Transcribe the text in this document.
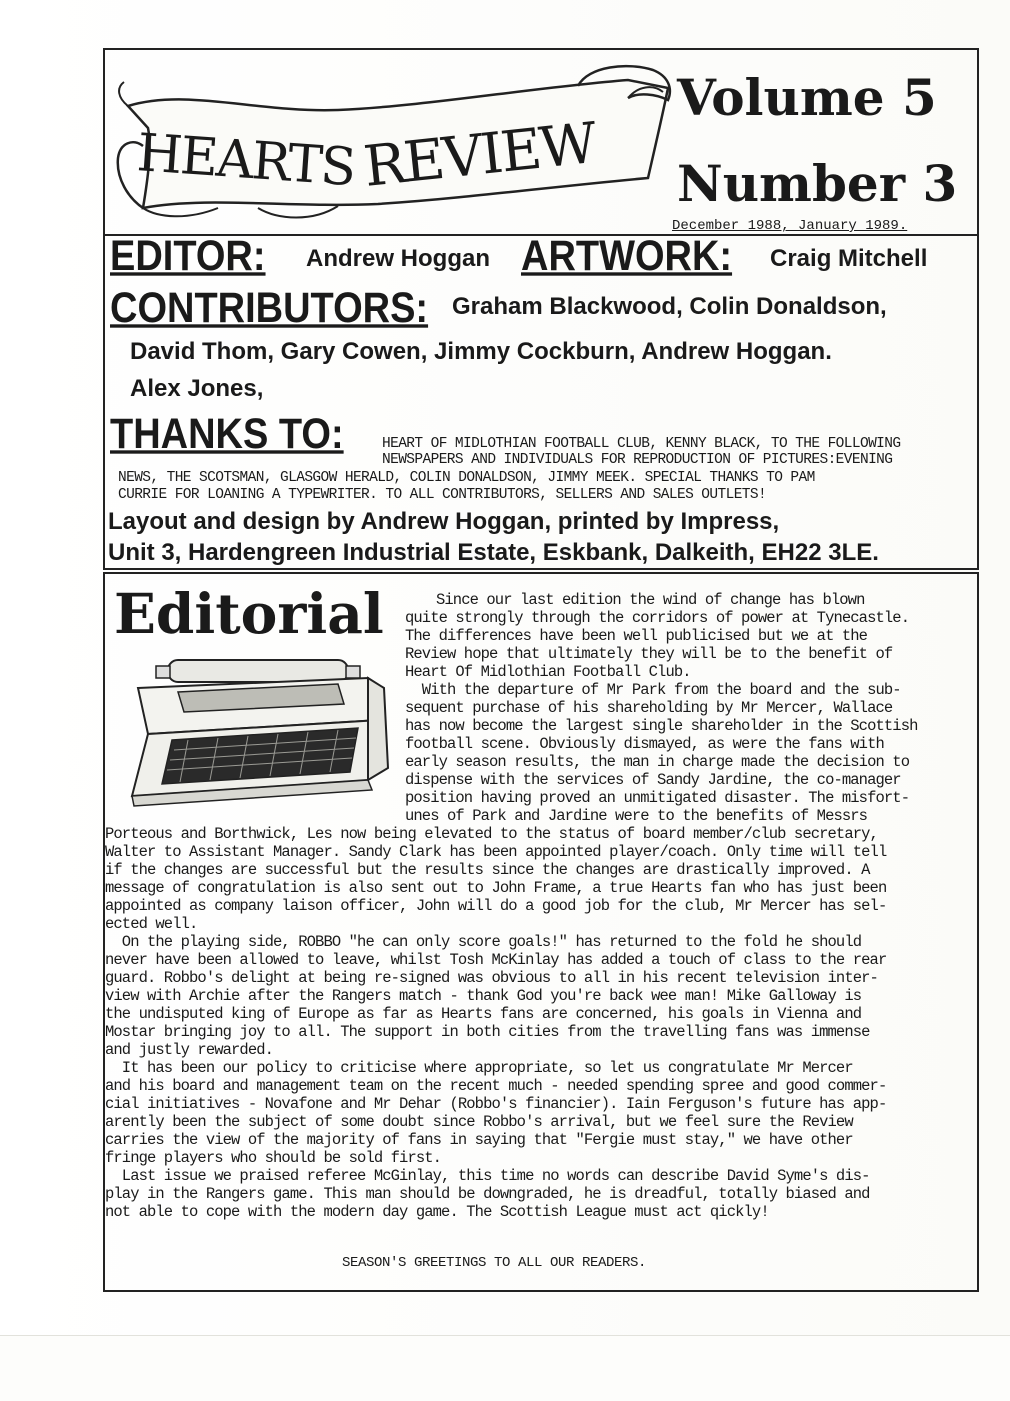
HEARTS REVIEW
Volume 5
Number 3
December 1988, January 1989.
EDITOR: Andrew Hoggan ARTWORK: Craig Mitchell
CONTRIBUTORS: Graham Blackwood, Colin Donaldson,
David Thom, Gary Cowen, Jimmy Cockburn, Andrew Hoggan.
Alex Jones,
THANKS TO:	HEART OF MIDLOTHIAN FOOTBALL CLUB, KENNY BLACK, TO THE FOLLOWING
NEWSPAPERS AND INDIVIDUALS FOR REPRODUCTION OF PICTURES:EVENING
NEWS, THE SCOTSMAN, GLASGOW HERALD, COLIN DONALDSON, JIMMY MEEK. SPECIAL THANKS TO PAM
CURRIE FOR LOANING A TYPEWRITER. TO ALL CONTRIBUTORS, SELLERS AND SALES OUTLETS!
Layout and design by Andrew Hoggan, printed by Impress,
Unit 3, Hardengreen Industrial Estate, Eskbank, Dalkeith, EH22 3LE.
Editorial	Since our last edition the wind of change has blown
quite strongly through the corridors of power at Tynecastle.
The differences have been well publicised but we at the
Review hope that ultimately they will be to the benefit of
Heart Of Midlothian Football Club.
With the departure of Mr Park from the board and the sub-
sequent purchase of his shareholding by Mr Mercer, Wallace
has now become the largest single shareholder in the Scottish
football scene. Obviously dismayed, as were the fans with
early season results, the man in charge made the decision to
dispense with the services of Sandy Jardine, the co-manager
position having proved an unmitigated disaster. The misfort-
unes of Park and Jardine were to the benefits of Messrs
Porteous and Borthwick, Les now being elevated to the status of board member/club secretary,
Walter to Assistant Manager. Sandy Clark has been appointed player/coach. Only time will tell
if the changes are successful but the results since the changes are drastically improved. A
message of congratulation is also sent out to John Frame, a true Hearts fan who has just been
appointed as company laison officer, John will do a good job for the club, Mr Mercer has sel-
ected well.
On the playing side, ROBBO "he can only score goals!" has returned to the fold he should
never have been allowed to leave, whilst Tosh McKinlay has added a touch of class to the rear
guard. Robbo's delight at being re-signed was obvious to all in his recent television inter-
view with Archie after the Rangers match - thank God you're back wee man! Mike Galloway is
the undisputed king of Europe as far as Hearts fans are concerned, his goals in Vienna and
Mostar bringing joy to all. The support in both cities from the travelling fans was immense
and justly rewarded.
It has been our policy to criticise where appropriate, so let us congratulate Mr Mercer
and his board and management team on the recent much - needed spending spree and good commer-
cial initiatives - Novafone and Mr Dehar (Robbo's financier). Iain Ferguson's future has app-
arently been the subject of some doubt since Robbo's arrival, but we feel sure the Review
carries the view of the majority of fans in saying that "Fergie must stay," we have other
fringe players who should be sold first.
Last issue we praised referee McGinlay, this time no words can describe David Syme's dis-
play in the Rangers game. This man should be downgraded, he is dreadful, totally biased and
not able to cope with the modern day game. The Scottish League must act qickly!
SEASON'S GREETINGS TO ALL OUR READERS.
